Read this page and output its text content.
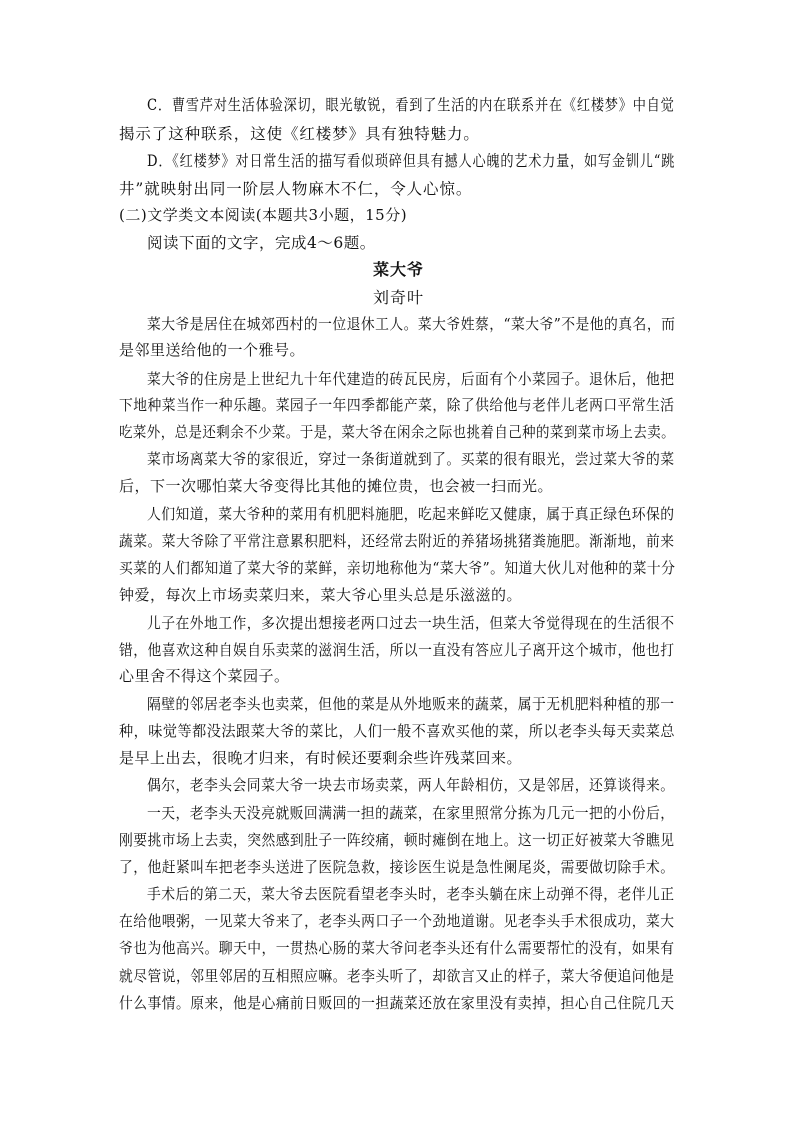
C．曹雪芹对生活体验深切，眼光敏锐，看到了生活的内在联系并在《红楼梦》中自觉
揭示了这种联系，这使《红楼梦》具有独特魅力。
D．《红楼梦》对日常生活的描写看似琐碎但具有撼人心魄的艺术力量，如写金钏儿“跳
井”就映射出同一阶层人物麻木不仁，令人心惊。
(二)文学类文本阅读(本题共3小题，15分)
阅读下面的文字，完成4～6题。
菜大爷
刘奇叶
菜大爷是居住在城郊西村的一位退休工人。菜大爷姓蔡，“菜大爷”不是他的真名，而
是邻里送给他的一个雅号。
菜大爷的住房是上世纪九十年代建造的砖瓦民房，后面有个小菜园子。退休后，他把
下地种菜当作一种乐趣。菜园子一年四季都能产菜，除了供给他与老伴儿老两口平常生活
吃菜外，总是还剩余不少菜。于是，菜大爷在闲余之际也挑着自己种的菜到菜市场上去卖。
菜市场离菜大爷的家很近，穿过一条街道就到了。买菜的很有眼光，尝过菜大爷的菜
后，下一次哪怕菜大爷变得比其他的摊位贵，也会被一扫而光。
人们知道，菜大爷种的菜用有机肥料施肥，吃起来鲜吃又健康，属于真正绿色环保的
蔬菜。菜大爷除了平常注意累积肥料，还经常去附近的养猪场挑猪粪施肥。渐渐地，前来
买菜的人们都知道了菜大爷的菜鲜，亲切地称他为“菜大爷”。知道大伙儿对他种的菜十分
钟爱，每次上市场卖菜归来，菜大爷心里头总是乐滋滋的。
儿子在外地工作，多次提出想接老两口过去一块生活，但菜大爷觉得现在的生活很不
错，他喜欢这种自娱自乐卖菜的滋润生活，所以一直没有答应儿子离开这个城市，他也打
心里舍不得这个菜园子。
隔壁的邻居老李头也卖菜，但他的菜是从外地贩来的蔬菜，属于无机肥料种植的那一
种，味觉等都没法跟菜大爷的菜比，人们一般不喜欢买他的菜，所以老李头每天卖菜总
是早上出去，很晚才归来，有时候还要剩余些许残菜回来。
偶尔，老李头会同菜大爷一块去市场卖菜，两人年龄相仿，又是邻居，还算谈得来。
一天，老李头天没亮就贩回满满一担的蔬菜，在家里照常分拣为几元一把的小份后，
刚要挑市场上去卖，突然感到肚子一阵绞痛，顿时瘫倒在地上。这一切正好被菜大爷瞧见
了，他赶紧叫车把老李头送进了医院急救，接诊医生说是急性阑尾炎，需要做切除手术。
手术后的第二天，菜大爷去医院看望老李头时，老李头躺在床上动弹不得，老伴儿正
在给他喂粥，一见菜大爷来了，老李头两口子一个劲地道谢。见老李头手术很成功，菜大
爷也为他高兴。聊天中，一贯热心肠的菜大爷问老李头还有什么需要帮忙的没有，如果有
就尽管说，邻里邻居的互相照应嘛。老李头听了，却欲言又止的样子，菜大爷便追问他是
什么事情。原来，他是心痛前日贩回的一担蔬菜还放在家里没有卖掉，担心自己住院几天
